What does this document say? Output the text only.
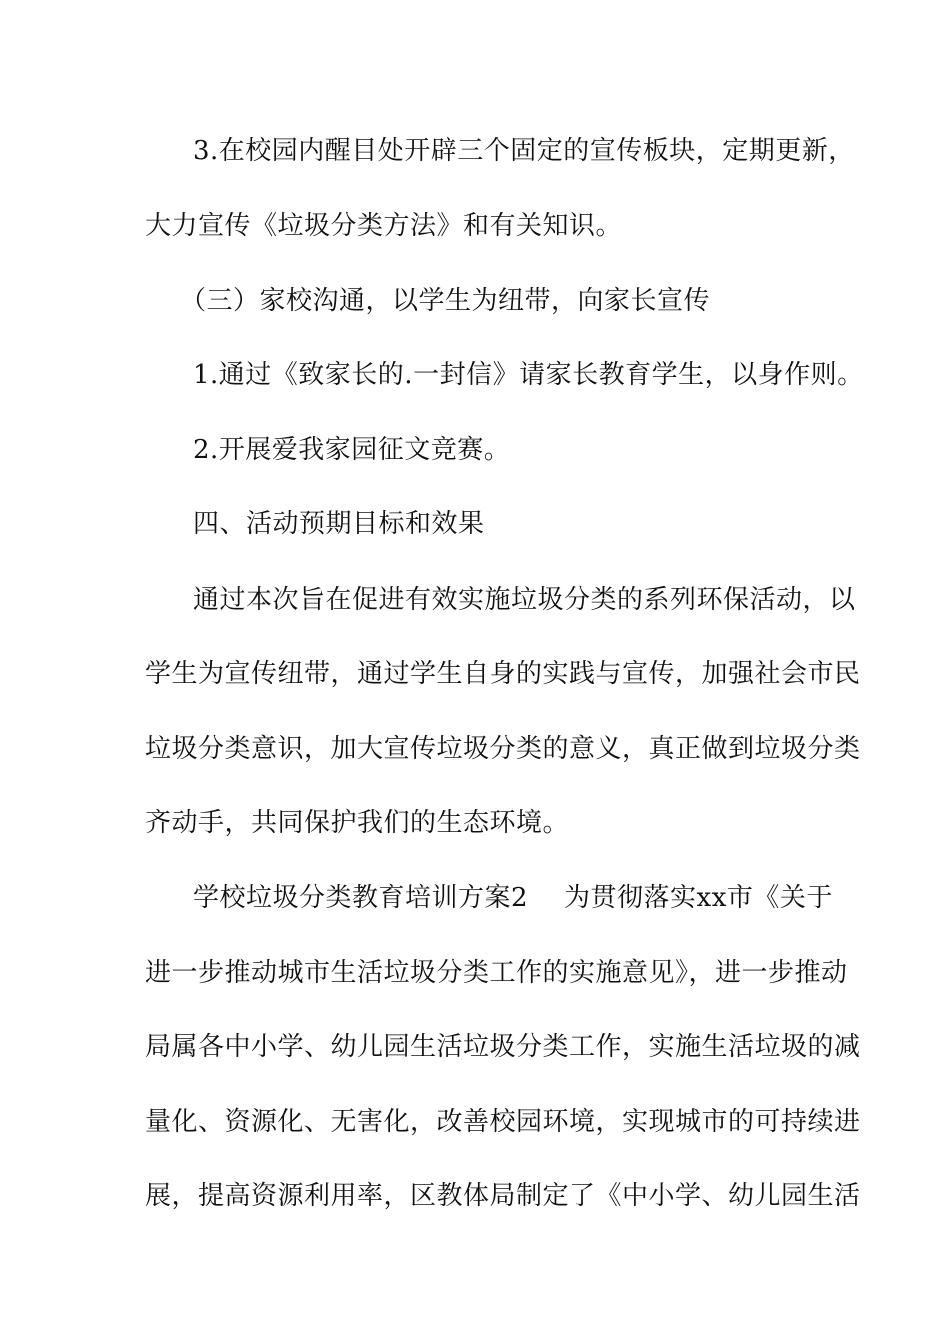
3.在校园内醒目处开辟三个固定的宣传板块，定期更新，
大力宣传《垃圾分类方法》和有关知识。
（三）家校沟通，以学生为纽带，向家长宣传
1.通过《致家长的.一封信》请家长教育学生，以身作则。
2.开展爱我家园征文竞赛。
四、活动预期目标和效果
通过本次旨在促进有效实施垃圾分类的系列环保活动，以
学生为宣传纽带，通过学生自身的实践与宣传，加强社会市民
垃圾分类意识，加大宣传垃圾分类的意义，真正做到垃圾分类
齐动手，共同保护我们的生态环境。
学校垃圾分类教育培训方案2 为贯彻落实xx市《关于
进一步推动城市生活垃圾分类工作的实施意见》，进一步推动
局属各中小学、幼儿园生活垃圾分类工作，实施生活垃圾的减
量化、资源化、无害化，改善校园环境，实现城市的可持续进
展，提高资源利用率，区教体局制定了《中小学、幼儿园生活
